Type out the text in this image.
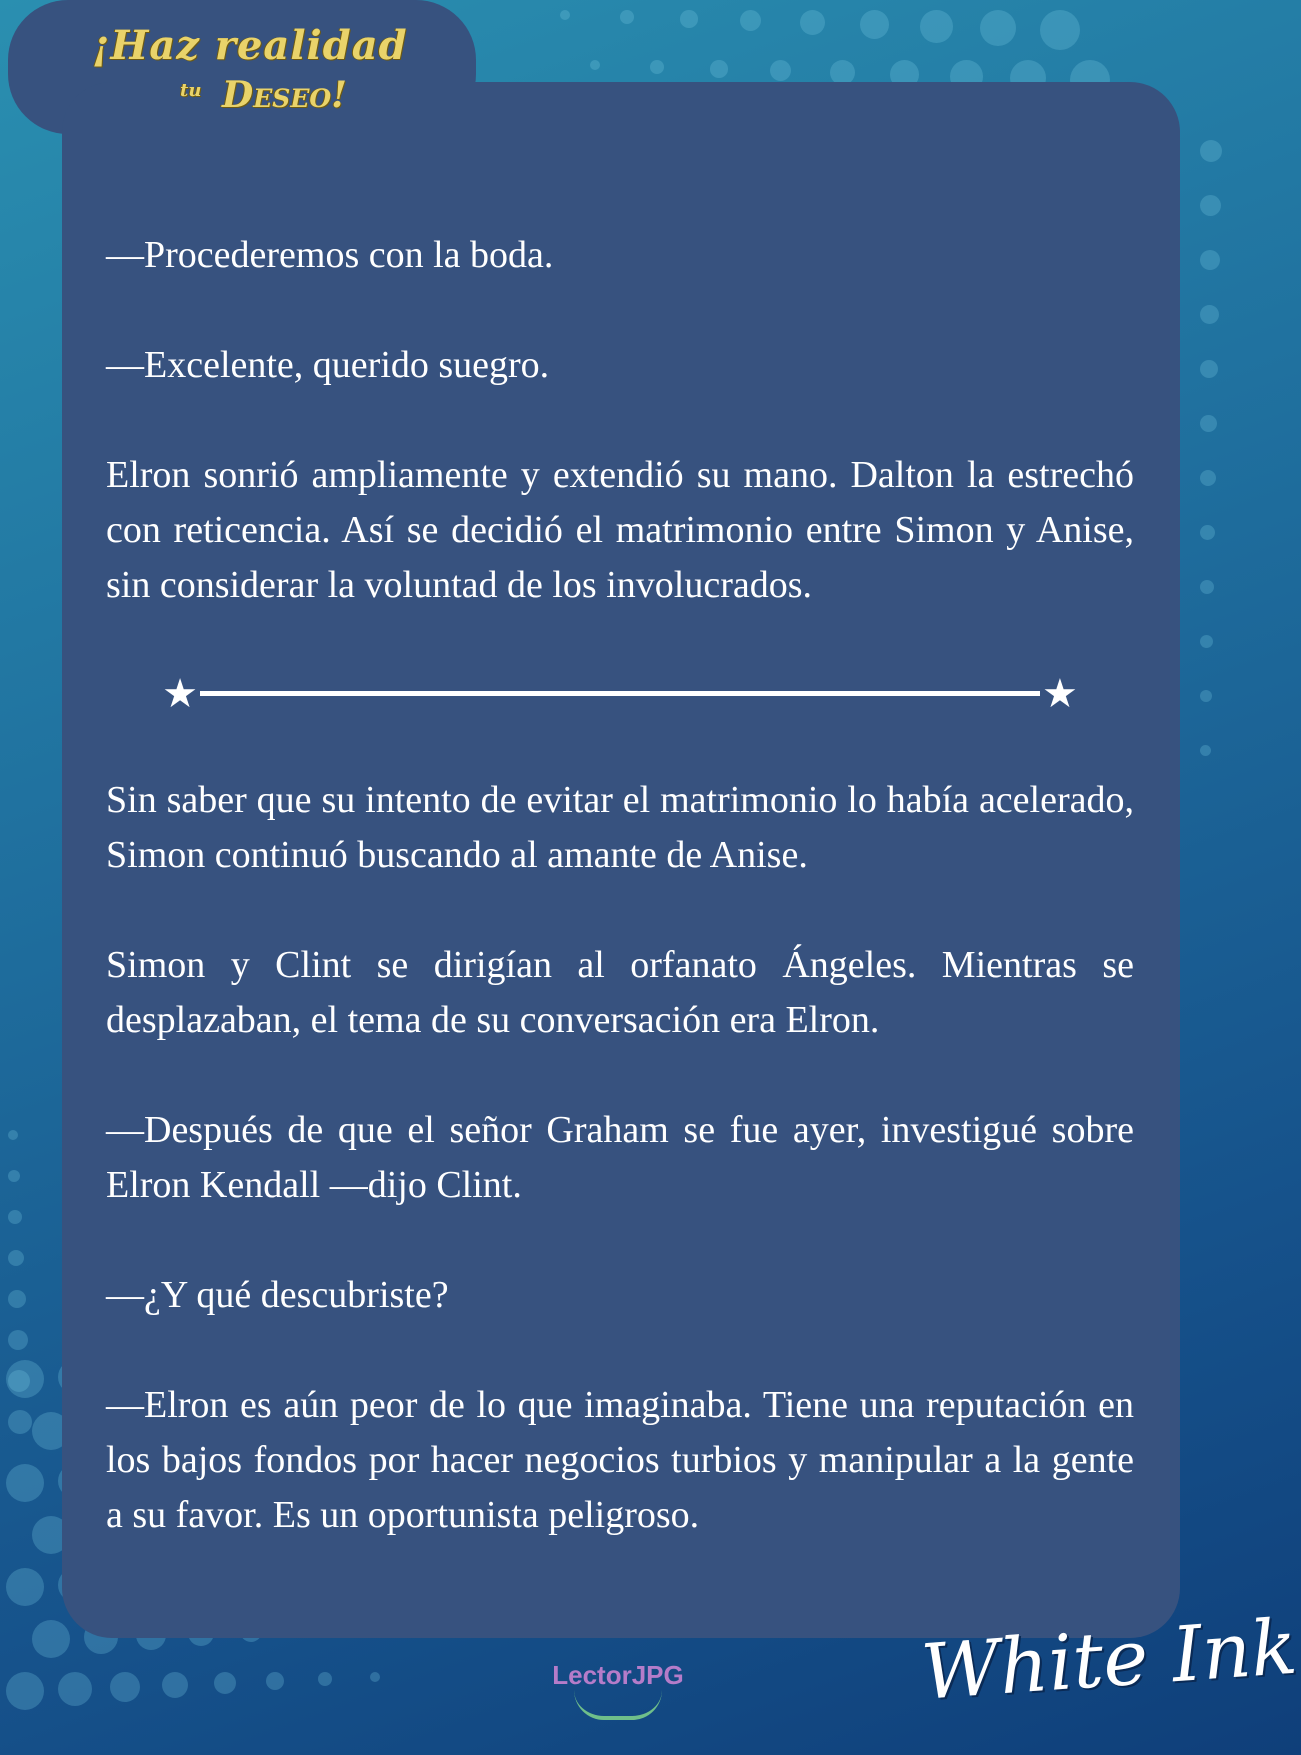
¡Haz realidad
tu Deseo!

—Procederemos con la boda.

—Excelente, querido suegro.

Elron sonrió ampliamente y extendió su mano. Dalton la estrechó con reticencia. Así se decidió el matrimonio entre Simon y Anise, sin considerar la voluntad de los involucrados.

★	★

Sin saber que su intento de evitar el matrimonio lo había acelerado, Simon continuó buscando al amante de Anise.

Simon y Clint se dirigían al orfanato Ángeles. Mientras se desplazaban, el tema de su conversación era Elron.

—Después de que el señor Graham se fue ayer, investigué sobre Elron Kendall —dijo Clint.

—¿Y qué descubriste?

—Elron es aún peor de lo que imaginaba. Tiene una reputación en los bajos fondos por hacer negocios turbios y manipular a la gente a su favor. Es un oportunista peligroso.

LectorJPG	White Ink
